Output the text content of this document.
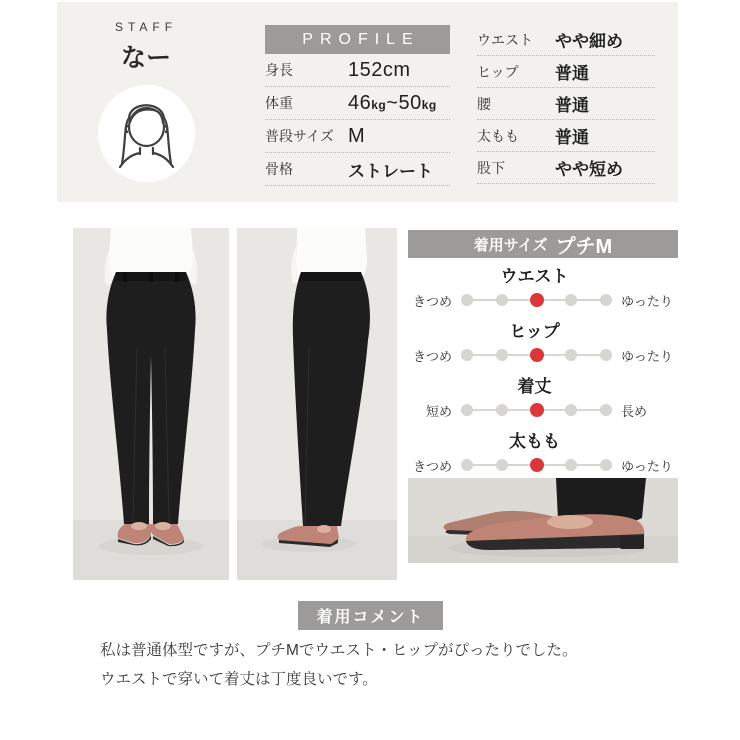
STAFF
なー
PROFILE
身長	152cm
体重	46kg~50kg
普段サイズ M
骨格	ストレート
ウエスト	やや細め
ヒップ	普通
腰	普通
太もも	普通
股下	やや短め
着用サイズ プチM
ウエスト
きつめ	ゆったり
ヒップ
きつめ	ゆったり
着丈
短め	長め
太もも
きつめ	ゆったり
着用コメント
私は普通体型ですが、プチMでウエスト・ヒップがぴったりでした。
ウエストで穿いて着丈は丁度良いです。
